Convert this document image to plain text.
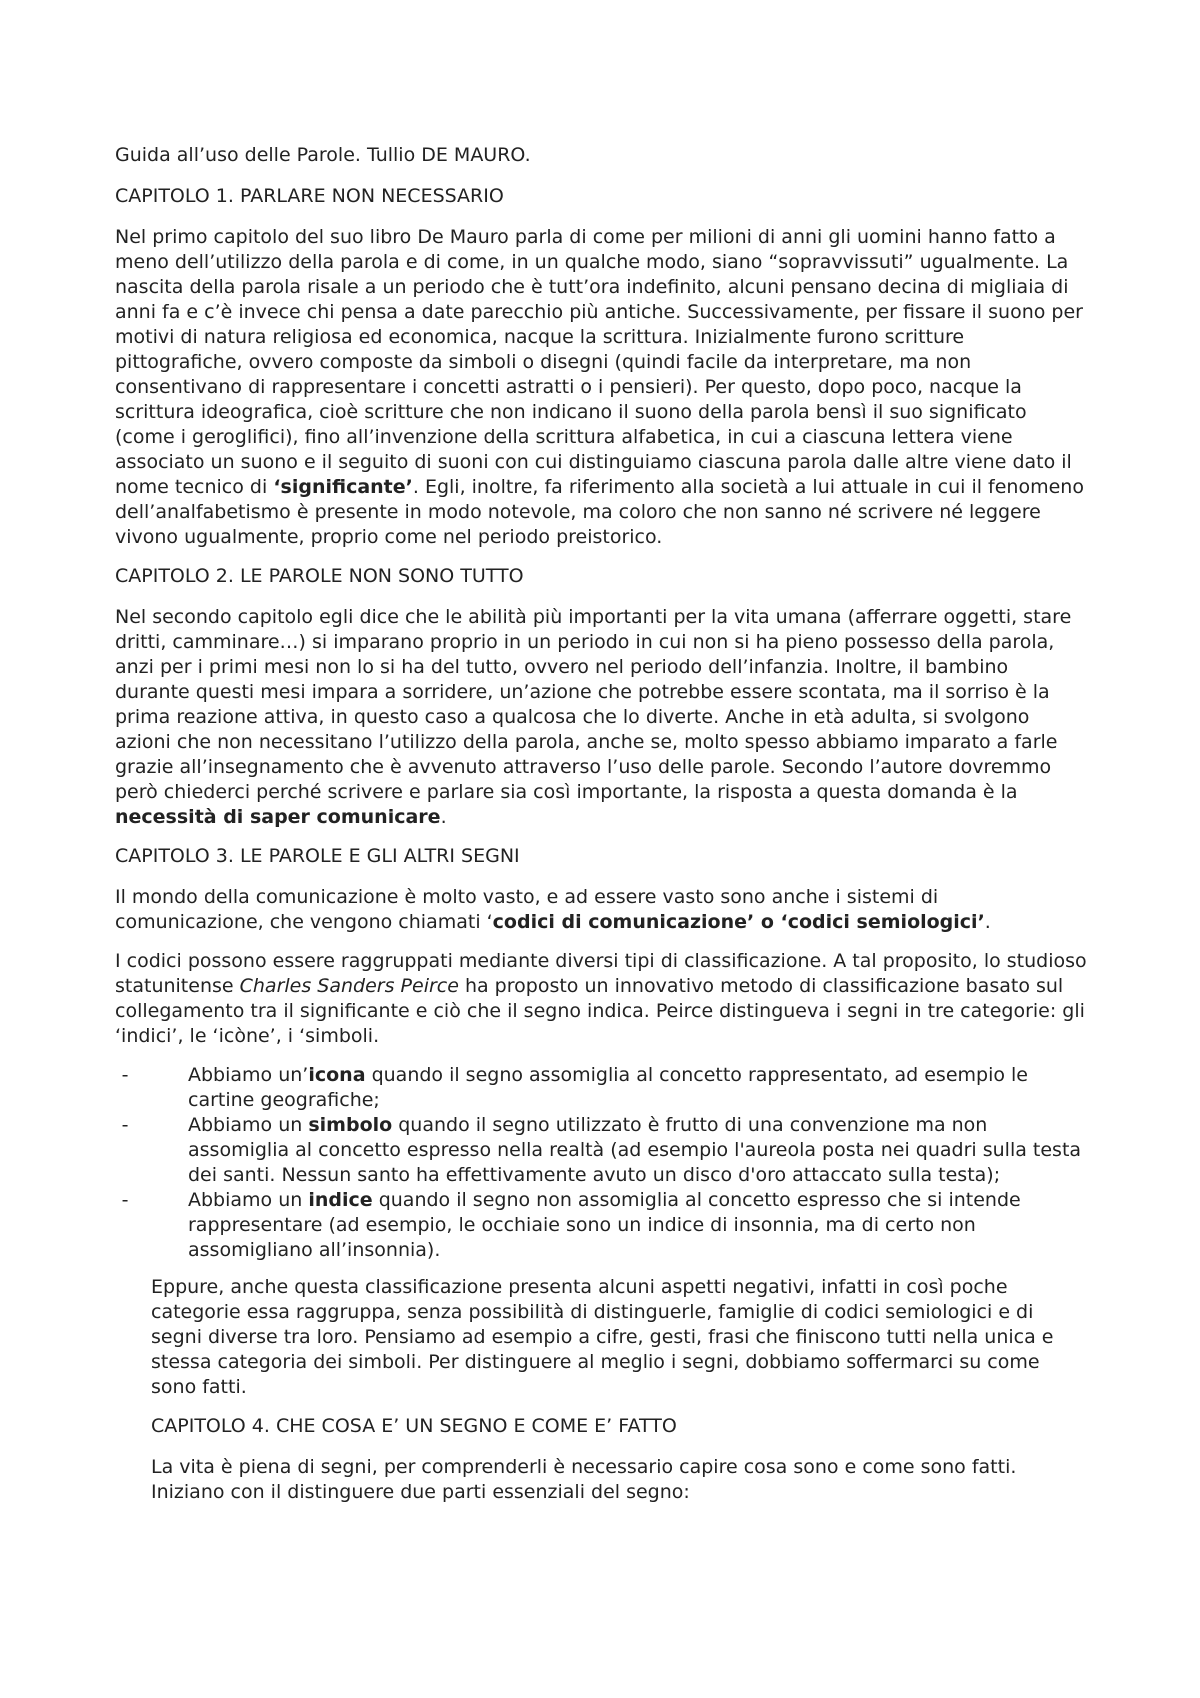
Guida all’uso delle Parole. Tullio DE MAURO.

CAPITOLO 1. PARLARE NON NECESSARIO

Nel primo capitolo del suo libro De Mauro parla di come per milioni di anni gli uomini hanno fatto a meno dell’utilizzo della parola e di come, in un qualche modo, siano “sopravvissuti” ugualmente. La nascita della parola risale a un periodo che è tutt’ora indefinito, alcuni pensano decina di migliaia di anni fa e c’è invece chi pensa a date parecchio più antiche. Successivamente, per fissare il suono per motivi di natura religiosa ed economica, nacque la scrittura. Inizialmente furono scritture pittografiche, ovvero composte da simboli o disegni (quindi facile da interpretare, ma non consentivano di rappresentare i concetti astratti o i pensieri). Per questo, dopo poco, nacque la scrittura ideografica, cioè scritture che non indicano il suono della parola bensì il suo significato (come i geroglifici), fino all’invenzione della scrittura alfabetica, in cui a ciascuna lettera viene associato un suono e il seguito di suoni con cui distinguiamo ciascuna parola dalle altre viene dato il nome tecnico di ‘significante’. Egli, inoltre, fa riferimento alla società a lui attuale in cui il fenomeno dell’analfabetismo è presente in modo notevole, ma coloro che non sanno né scrivere né leggere vivono ugualmente, proprio come nel periodo preistorico.

CAPITOLO 2. LE PAROLE NON SONO TUTTO

Nel secondo capitolo egli dice che le abilità più importanti per la vita umana (afferrare oggetti, stare dritti, camminare…) si imparano proprio in un periodo in cui non si ha pieno possesso della parola, anzi per i primi mesi non lo si ha del tutto, ovvero nel periodo dell’infanzia. Inoltre, il bambino durante questi mesi impara a sorridere, un’azione che potrebbe essere scontata, ma il sorriso è la prima reazione attiva, in questo caso a qualcosa che lo diverte. Anche in età adulta, si svolgono azioni che non necessitano l’utilizzo della parola, anche se, molto spesso abbiamo imparato a farle grazie all’insegnamento che è avvenuto attraverso l’uso delle parole. Secondo l’autore dovremmo però chiederci perché scrivere e parlare sia così importante, la risposta a questa domanda è la necessità di saper comunicare.

CAPITOLO 3. LE PAROLE E GLI ALTRI SEGNI

Il mondo della comunicazione è molto vasto, e ad essere vasto sono anche i sistemi di comunicazione, che vengono chiamati ‘codici di comunicazione’ o ‘codici semiologici’.

I codici possono essere raggruppati mediante diversi tipi di classificazione. A tal proposito, lo studioso statunitense Charles Sanders Peirce ha proposto un innovativo metodo di classificazione basato sul collegamento tra il significante e ciò che il segno indica. Peirce distingueva i segni in tre categorie: gli ‘indici’, le ‘icòne’, i ‘simboli.

- Abbiamo un’icona quando il segno assomiglia al concetto rappresentato, ad esempio le cartine geografiche;
- Abbiamo un simbolo quando il segno utilizzato è frutto di una convenzione ma non assomiglia al concetto espresso nella realtà (ad esempio l'aureola posta nei quadri sulla testa dei santi. Nessun santo ha effettivamente avuto un disco d'oro attaccato sulla testa);
- Abbiamo un indice quando il segno non assomiglia al concetto espresso che si intende rappresentare (ad esempio, le occhiaie sono un indice di insonnia, ma di certo non assomigliano all’insonnia).

Eppure, anche questa classificazione presenta alcuni aspetti negativi, infatti in così poche categorie essa raggruppa, senza possibilità di distinguerle, famiglie di codici semiologici e di segni diverse tra loro. Pensiamo ad esempio a cifre, gesti, frasi che finiscono tutti nella unica e stessa categoria dei simboli. Per distinguere al meglio i segni, dobbiamo soffermarci su come sono fatti.

CAPITOLO 4. CHE COSA E’ UN SEGNO E COME E’ FATTO

La vita è piena di segni, per comprenderli è necessario capire cosa sono e come sono fatti. Iniziano con il distinguere due parti essenziali del segno:
